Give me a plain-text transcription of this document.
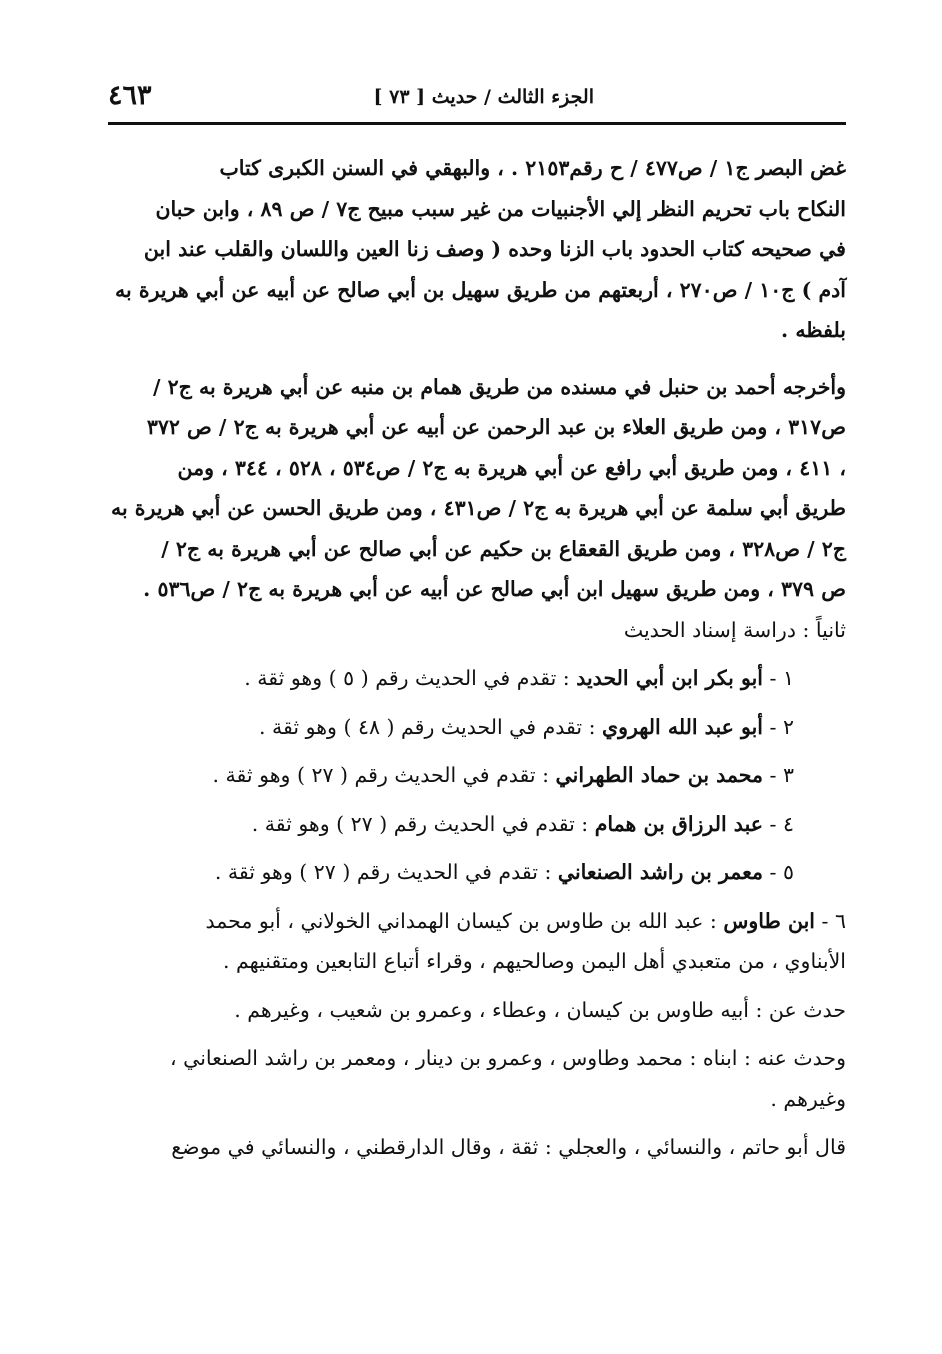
الجزء الثالث / حديث [ ٧٣ ]
٤٦٣
غض البصر ج١ / ص٤٧٧ / ح رقم٢١٥٣ . ، والبهقي في السنن الكبرى كتاب
النكاح باب تحريم النظر إلي الأجنبيات من غير سبب مبيح ج٧ / ص ٨٩ ، وابن حبان
في صحيحه كتاب الحدود باب الزنا وحده ( وصف زنا العين واللسان والقلب عند ابن
آدم ) ج١٠ / ص٢٧٠ ، أربعتهم من طريق سهيل بن أبي صالح عن أبيه عن أبي هريرة به
بلفظه .
وأخرجه أحمد بن حنبل في مسنده من طريق همام بن منبه عن أبي هريرة به ج٢ /
ص٣١٧ ، ومن طريق العلاء بن عبد الرحمن عن أبيه عن أبي هريرة به ج٢ / ص ٣٧٢
، ٤١١ ، ومن طريق أبي رافع عن أبي هريرة به ج٢ / ص٥٣٤ ، ٥٢٨ ، ٣٤٤ ، ومن
طريق أبي سلمة عن أبي هريرة به ج٢ / ص٤٣١ ، ومن طريق الحسن عن أبي هريرة به
ج٢ / ص٣٢٨ ، ومن طريق القعقاع بن حكيم عن أبي صالح عن أبي هريرة به ج٢ /
ص ٣٧٩ ، ومن طريق سهيل ابن أبي صالح عن أبيه عن أبي هريرة به ج٢ / ص٥٣٦ .
ثانياً : دراسة إسناد الحديث
١ - أبو بكر ابن أبي الحديد : تقدم في الحديث رقم ( ٥ ) وهو ثقة .
٢ - أبو عبد الله الهروي : تقدم في الحديث رقم ( ٤٨ ) وهو ثقة .
٣ - محمد بن حماد الطهراني : تقدم في الحديث رقم ( ٢٧ ) وهو ثقة .
٤ - عبد الرزاق بن همام : تقدم في الحديث رقم ( ٢٧ ) وهو ثقة .
٥ - معمر بن راشد الصنعاني : تقدم في الحديث رقم ( ٢٧ ) وهو ثقة .
٦ - ابن طاوس : عبد الله بن طاوس بن كيسان الهمداني الخولاني ، أبو محمد
الأبناوي ، من متعبدي أهل اليمن وصالحيهم ، وقراء أتباع التابعين ومتقنيهم .
حدث عن : أبيه طاوس بن كيسان ، وعطاء ، وعمرو بن شعيب ، وغيرهم .
وحدث عنه : ابناه : محمد وطاوس ، وعمرو بن دينار ، ومعمر بن راشد الصنعاني ،
وغيرهم .
قال أبو حاتم ، والنسائي ، والعجلي : ثقة ، وقال الدارقطني ، والنسائي في موضع
